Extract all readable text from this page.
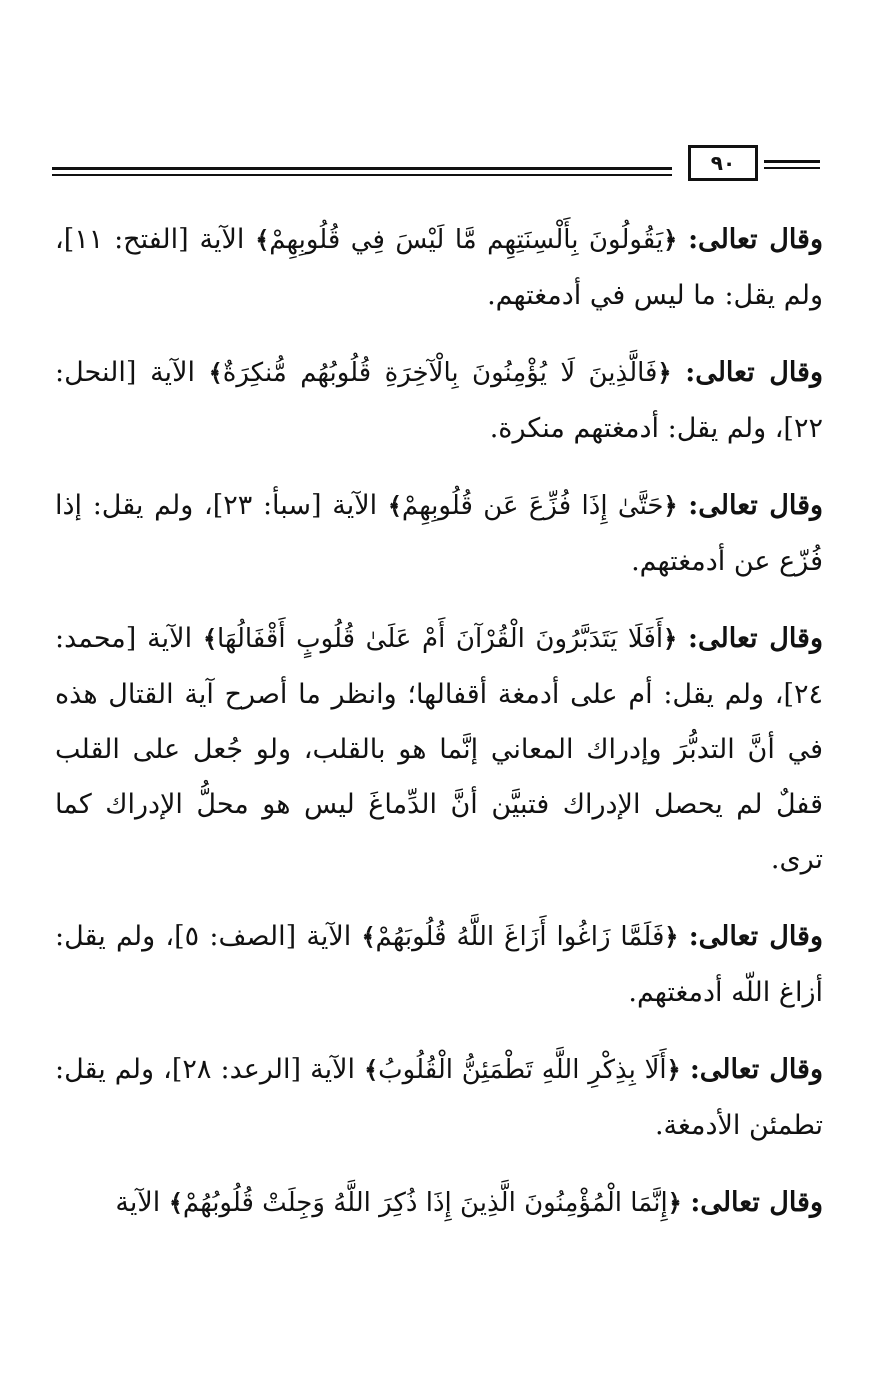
٩٠

وقال تعالى: ﴿يَقُولُونَ بِأَلْسِنَتِهِم مَّا لَيْسَ فِي قُلُوبِهِمْ﴾ الآية [الفتح: ١١]، ولم يقل: ما ليس في أدمغتهم.

وقال تعالى: ﴿فَالَّذِينَ لَا يُؤْمِنُونَ بِالْآخِرَةِ قُلُوبُهُم مُّنكِرَةٌ﴾ الآية [النحل: ٢٢]، ولم يقل: أدمغتهم منكرة.

وقال تعالى: ﴿حَتَّىٰ إِذَا فُزِّعَ عَن قُلُوبِهِمْ﴾ الآية [سبأ: ٢٣]، ولم يقل: إذا فُزّع عن أدمغتهم.

وقال تعالى: ﴿أَفَلَا يَتَدَبَّرُونَ الْقُرْآنَ أَمْ عَلَىٰ قُلُوبٍ أَقْفَالُهَا﴾ الآية [محمد: ٢٤]، ولم يقل: أم على أدمغة أقفالها؛ وانظر ما أصرح آية القتال هذه في أنَّ التدبُّرَ وإدراك المعاني إنَّما هو بالقلب، ولو جُعل على القلب قفلٌ لم يحصل الإدراك فتبيَّن أنَّ الدِّماغَ ليس هو محلُّ الإدراك كما ترى.

وقال تعالى: ﴿فَلَمَّا زَاغُوا أَزَاغَ اللَّهُ قُلُوبَهُمْ﴾ الآية [الصف: ٥]، ولم يقل: أزاغ اللّه أدمغتهم.

وقال تعالى: ﴿أَلَا بِذِكْرِ اللَّهِ تَطْمَئِنُّ الْقُلُوبُ﴾ الآية [الرعد: ٢٨]، ولم يقل: تطمئن الأدمغة.

وقال تعالى: ﴿إِنَّمَا الْمُؤْمِنُونَ الَّذِينَ إِذَا ذُكِرَ اللَّهُ وَجِلَتْ قُلُوبُهُمْ﴾ الآية
